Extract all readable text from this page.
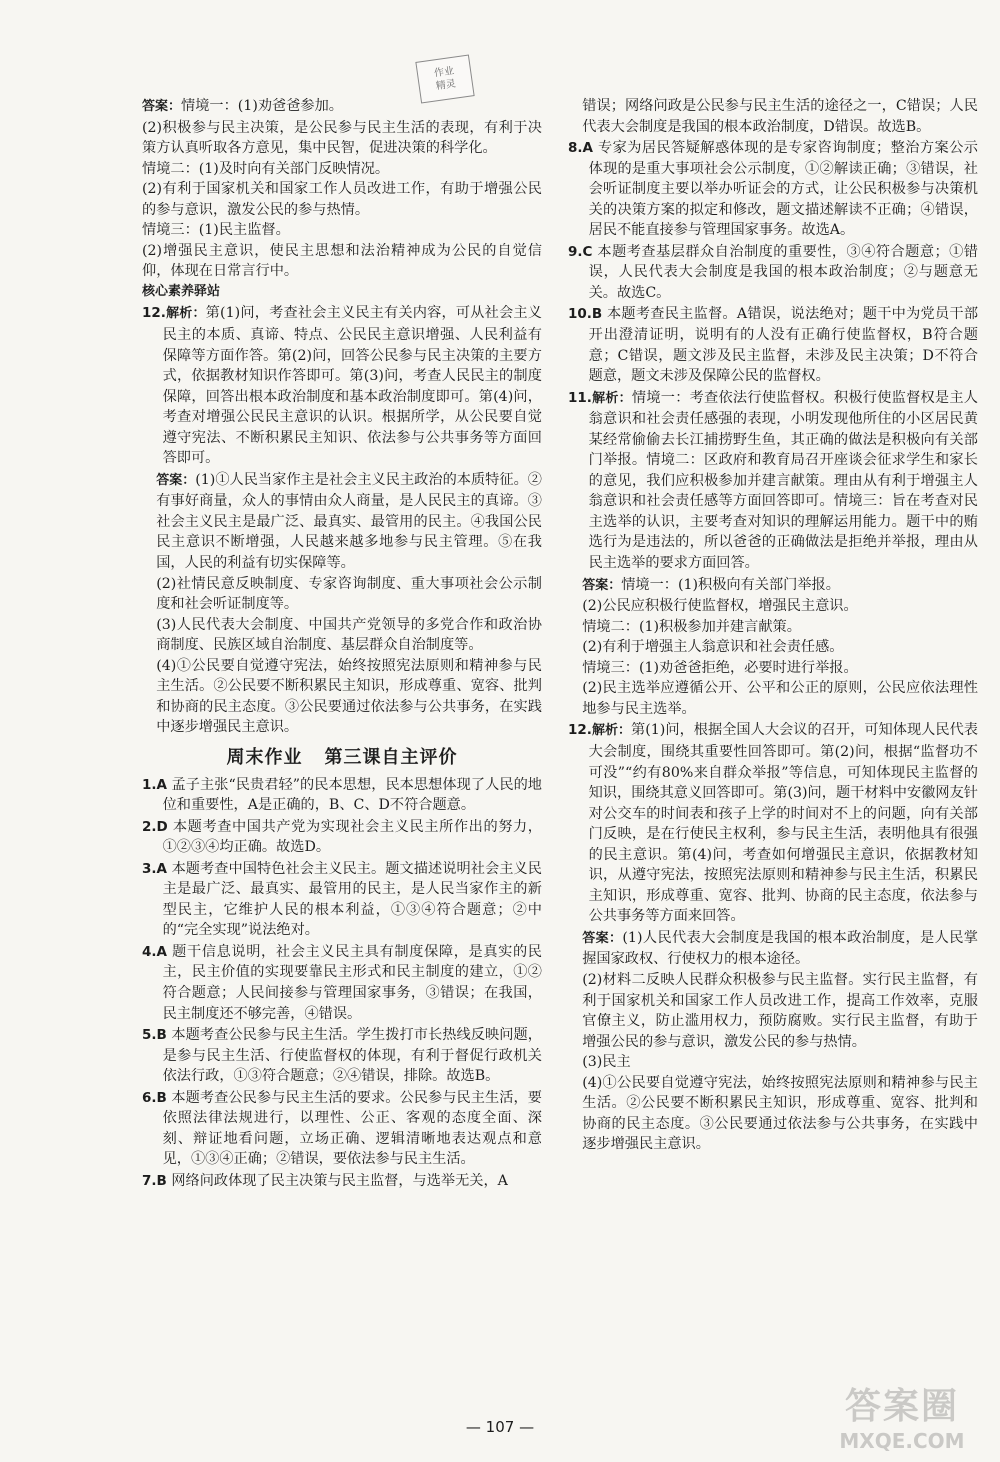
作业
精灵

答案：情境一：(1)劝爸爸参加。

(2)积极参与民主决策，是公民参与民主生活的表现，有利于决策方认真听取各方意见，集中民智，促进决策的科学化。

情境二：(1)及时向有关部门反映情况。

(2)有利于国家机关和国家工作人员改进工作，有助于增强公民的参与意识，激发公民的参与热情。

情境三：(1)民主监督。

(2)增强民主意识，使民主思想和法治精神成为公民的自觉信仰，体现在日常言行中。

核心素养驿站

12.解析：第(1)问，考查社会主义民主有关内容，可从社会主义民主的本质、真谛、特点、公民民主意识增强、人民利益有保障等方面作答。第(2)问，回答公民参与民主决策的主要方式，依据教材知识作答即可。第(3)问，考查人民民主的制度保障，回答出根本政治制度和基本政治制度即可。第(4)问，考查对增强公民民主意识的认识。根据所学，从公民要自觉遵守宪法、不断积累民主知识、依法参与公共事务等方面回答即可。

答案：(1)①人民当家作主是社会主义民主政治的本质特征。②有事好商量，众人的事情由众人商量，是人民民主的真谛。③社会主义民主是最广泛、最真实、最管用的民主。④我国公民民主意识不断增强，人民越来越多地参与民主管理。⑤在我国，人民的利益有切实保障等。

(2)社情民意反映制度、专家咨询制度、重大事项社会公示制度和社会听证制度等。

(3)人民代表大会制度、中国共产党领导的多党合作和政治协商制度、民族区域自治制度、基层群众自治制度等。

(4)①公民要自觉遵守宪法，始终按照宪法原则和精神参与民主生活。②公民要不断积累民主知识，形成尊重、宽容、批判和协商的民主态度。③公民要通过依法参与公共事务，在实践中逐步增强民主意识。

周末作业 第三课自主评价

1.A 孟子主张“民贵君轻”的民本思想，民本思想体现了人民的地位和重要性，A是正确的，B、C、D不符合题意。

2.D 本题考查中国共产党为实现社会主义民主所作出的努力，①②③④均正确。故选D。

3.A 本题考查中国特色社会主义民主。题文描述说明社会主义民主是最广泛、最真实、最管用的民主，是人民当家作主的新型民主，它维护人民的根本利益，①③④符合题意；②中的“完全实现”说法绝对。

4.A 题干信息说明，社会主义民主具有制度保障，是真实的民主，民主价值的实现要靠民主形式和民主制度的建立，①②符合题意；人民间接参与管理国家事务，③错误；在我国，民主制度还不够完善，④错误。

5.B 本题考查公民参与民主生活。学生拨打市长热线反映问题，是参与民主生活、行使监督权的体现，有利于督促行政机关依法行政，①③符合题意；②④错误，排除。故选B。

6.B 本题考查公民参与民主生活的要求。公民参与民主生活，要依照法律法规进行，以理性、公正、客观的态度全面、深刻、辩证地看问题，立场正确、逻辑清晰地表达观点和意见，①③④正确；②错误，要依法参与民主生活。

7.B 网络问政体现了民主决策与民主监督，与选举无关，A

错误；网络问政是公民参与民主生活的途径之一，C错误；人民代表大会制度是我国的根本政治制度，D错误。故选B。

8.A 专家为居民答疑解惑体现的是专家咨询制度；整治方案公示体现的是重大事项社会公示制度，①②解读正确；③错误，社会听证制度主要以举办听证会的方式，让公民积极参与决策机关的决策方案的拟定和修改，题文描述解读不正确；④错误，居民不能直接参与管理国家事务。故选A。

9.C 本题考查基层群众自治制度的重要性，③④符合题意；①错误，人民代表大会制度是我国的根本政治制度；②与题意无关。故选C。

10.B 本题考查民主监督。A错误，说法绝对；题干中为党员干部开出澄清证明，说明有的人没有正确行使监督权，B符合题意；C错误，题文涉及民主监督，未涉及民主决策；D不符合题意，题文未涉及保障公民的监督权。

11.解析：情境一：考查依法行使监督权。积极行使监督权是主人翁意识和社会责任感强的表现，小明发现他所住的小区居民黄某经常偷偷去长江捕捞野生鱼，其正确的做法是积极向有关部门举报。情境二：区政府和教育局召开座谈会征求学生和家长的意见，我们应积极参加并建言献策。理由从有利于增强主人翁意识和社会责任感等方面回答即可。情境三：旨在考查对民主选举的认识，主要考查对知识的理解运用能力。题干中的贿选行为是违法的，所以爸爸的正确做法是拒绝并举报，理由从民主选举的要求方面回答。

答案：情境一：(1)积极向有关部门举报。

(2)公民应积极行使监督权，增强民主意识。

情境二：(1)积极参加并建言献策。

(2)有利于增强主人翁意识和社会责任感。

情境三：(1)劝爸爸拒绝，必要时进行举报。

(2)民主选举应遵循公开、公平和公正的原则，公民应依法理性地参与民主选举。

12.解析：第(1)问，根据全国人大会议的召开，可知体现人民代表大会制度，围绕其重要性回答即可。第(2)问，根据“监督功不可没”“约有80%来自群众举报”等信息，可知体现民主监督的知识，围绕其意义回答即可。第(3)问，题干材料中安徽网友针对公交车的时间表和孩子上学的时间对不上的问题，向有关部门反映，是在行使民主权利，参与民主生活，表明他具有很强的民主意识。第(4)问，考查如何增强民主意识，依据教材知识，从遵守宪法，按照宪法原则和精神参与民主生活，积累民主知识，形成尊重、宽容、批判、协商的民主态度，依法参与公共事务等方面来回答。

答案：(1)人民代表大会制度是我国的根本政治制度，是人民掌握国家政权、行使权力的根本途径。

(2)材料二反映人民群众积极参与民主监督。实行民主监督，有利于国家机关和国家工作人员改进工作，提高工作效率，克服官僚主义，防止滥用权力，预防腐败。实行民主监督，有助于增强公民的参与意识，激发公民的参与热情。

(3)民主

(4)①公民要自觉遵守宪法，始终按照宪法原则和精神参与民主生活。②公民要不断积累民主知识，形成尊重、宽容、批判和协商的民主态度。③公民要通过依法参与公共事务，在实践中逐步增强民主意识。

— 107 —	答案圈
MXQE.COM
